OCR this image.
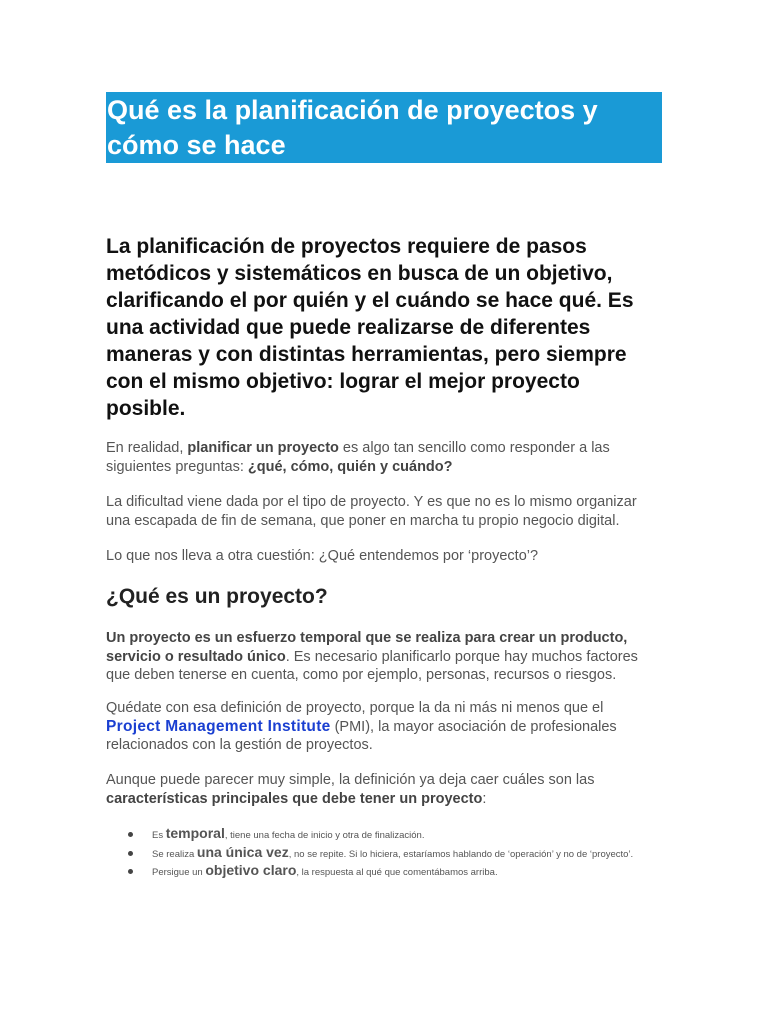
Qué es la planificación de proyectos y cómo se hace

La planificación de proyectos requiere de pasos metódicos y sistemáticos en busca de un objetivo, clarificando el por quién y el cuándo se hace qué. Es una actividad que puede realizarse de diferentes maneras y con distintas herramientas, pero siempre con el mismo objetivo: lograr el mejor proyecto posible.

En realidad, planificar un proyecto es algo tan sencillo como responder a las siguientes preguntas: ¿qué, cómo, quién y cuándo?

La dificultad viene dada por el tipo de proyecto. Y es que no es lo mismo organizar una escapada de fin de semana, que poner en marcha tu propio negocio digital.

Lo que nos lleva a otra cuestión: ¿Qué entendemos por ‘proyecto’?

¿Qué es un proyecto?

Un proyecto es un esfuerzo temporal que se realiza para crear un producto, servicio o resultado único. Es necesario planificarlo porque hay muchos factores que deben tenerse en cuenta, como por ejemplo, personas, recursos o riesgos.

Quédate con esa definición de proyecto, porque la da ni más ni menos que el Project Management Institute (PMI), la mayor asociación de profesionales relacionados con la gestión de proyectos.

Aunque puede parecer muy simple, la definición ya deja caer cuáles son las características principales que debe tener un proyecto:

Es temporal, tiene una fecha de inicio y otra de finalización.
Se realiza una única vez, no se repite. Si lo hiciera, estaríamos hablando de ‘operación’ y no de ‘proyecto’.
Persigue un objetivo claro, la respuesta al qué que comentábamos arriba.
